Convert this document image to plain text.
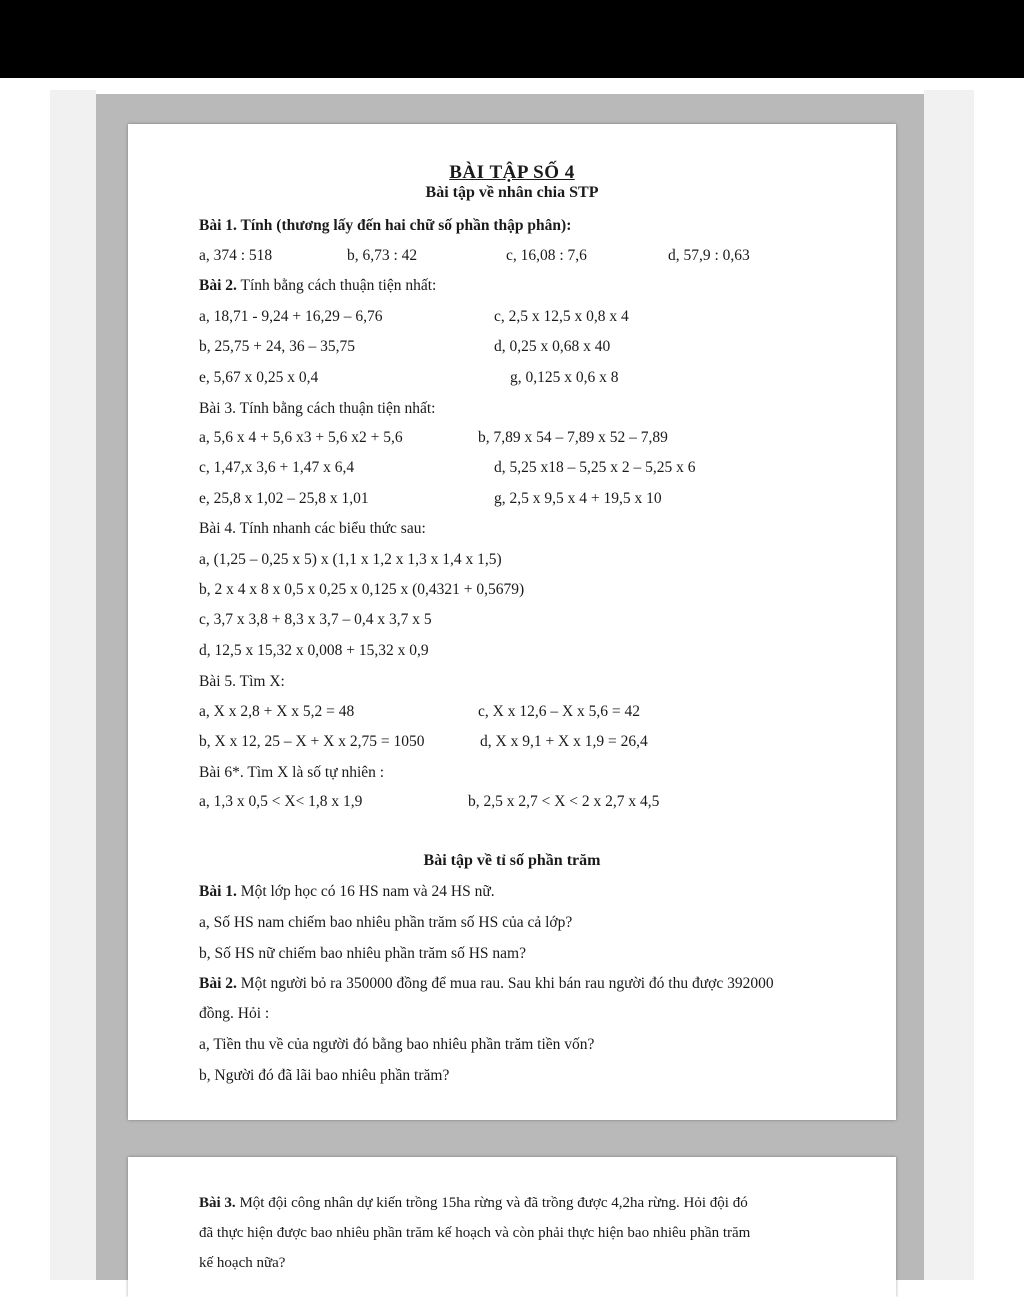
BÀI TẬP SỐ 4
Bài tập về nhân chia STP
Bài 1. Tính (thương lấy đến hai chữ số phần thập phân):
a, 374 : 518	b, 6,73 : 42	c, 16,08 : 7,6	d, 57,9 : 0,63
Bài 2. Tính bằng cách thuận tiện nhất:
a, 18,71 - 9,24 + 16,29 – 6,76	c, 2,5 x 12,5 x 0,8 x 4
b, 25,75 + 24, 36 – 35,75	d, 0,25 x 0,68 x 40
e, 5,67 x 0,25 x 0,4	g, 0,125 x 0,6 x 8
Bài 3. Tính bằng cách thuận tiện nhất:
a, 5,6 x 4 + 5,6 x3 + 5,6 x2 + 5,6	b, 7,89 x 54 – 7,89 x 52 – 7,89
c, 1,47,x 3,6 + 1,47 x 6,4	d, 5,25 x18 – 5,25 x 2 – 5,25 x 6
e, 25,8 x 1,02 – 25,8 x 1,01	g, 2,5 x 9,5 x 4 + 19,5 x 10
Bài 4. Tính nhanh các biểu thức sau:
a, (1,25 – 0,25 x 5) x (1,1 x 1,2 x 1,3 x 1,4 x 1,5)
b, 2 x 4 x 8 x 0,5 x 0,25 x 0,125 x (0,4321 + 0,5679)
c, 3,7 x 3,8 + 8,3 x 3,7 – 0,4 x 3,7 x 5
d, 12,5 x 15,32 x 0,008 + 15,32 x 0,9
Bài 5. Tìm X:
a, X x 2,8 + X x 5,2 = 48	c, X x 12,6 – X x 5,6 = 42
b, X x 12, 25 – X + X x 2,75 = 1050	d, X x 9,1 + X x 1,9 = 26,4
Bài 6*. Tìm X là số tự nhiên :
a, 1,3 x 0,5 < X< 1,8 x 1,9	b, 2,5 x 2,7 < X < 2 x 2,7 x 4,5
Bài tập về tỉ số phần trăm
Bài 1. Một lớp học có 16 HS nam và 24 HS nữ.
a, Số HS nam chiếm bao nhiêu phần trăm số HS của cả lớp?
b, Số HS nữ chiếm bao nhiêu phần trăm số HS nam?
Bài 2. Một người bỏ ra 350000 đồng để mua rau. Sau khi bán rau người đó thu được 392000
đồng. Hỏi :
a, Tiền thu về của người đó bằng bao nhiêu phần trăm tiền vốn?
b, Người đó đã lãi bao nhiêu phần trăm?
Bài 3. Một đội công nhân dự kiến trồng 15ha rừng và đã trồng được 4,2ha rừng. Hỏi đội đó
đã thực hiện được bao nhiêu phần trăm kế hoạch và còn phải thực hiện bao nhiêu phần trăm
kế hoạch nữa?
